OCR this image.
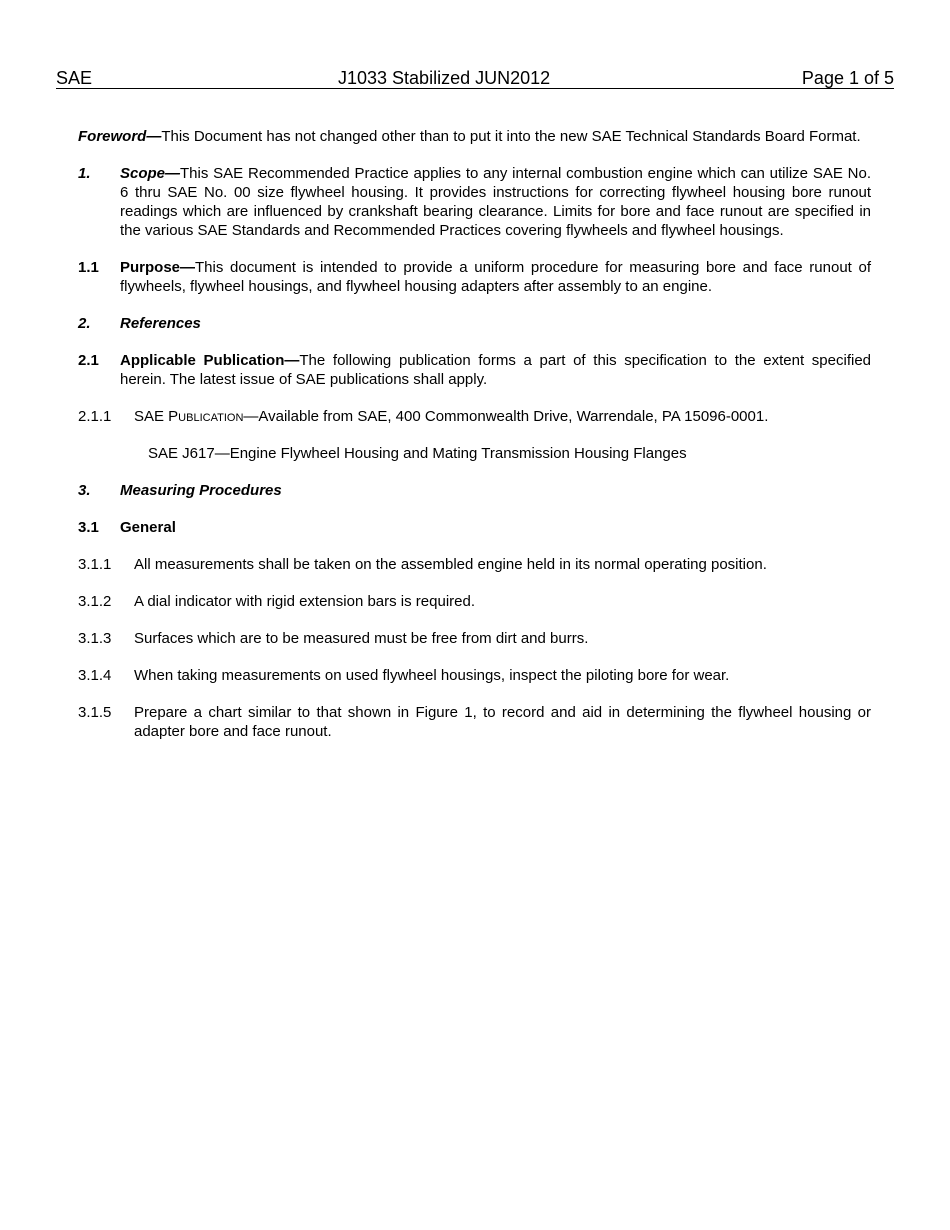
SAE	J1033 Stabilized JUN2012	Page 1 of 5
Foreword—This Document has not changed other than to put it into the new SAE Technical Standards Board Format.
1.	Scope—This SAE Recommended Practice applies to any internal combustion engine which can utilize SAE No. 6 thru SAE No. 00 size flywheel housing. It provides instructions for correcting flywheel housing bore runout readings which are influenced by crankshaft bearing clearance. Limits for bore and face runout are specified in the various SAE Standards and Recommended Practices covering flywheels and flywheel housings.
1.1	Purpose—This document is intended to provide a uniform procedure for measuring bore and face runout of flywheels, flywheel housings, and flywheel housing adapters after assembly to an engine.
2.	References
2.1	Applicable Publication—The following publication forms a part of this specification to the extent specified herein. The latest issue of SAE publications shall apply.
2.1.1	SAE Publication—Available from SAE, 400 Commonwealth Drive, Warrendale, PA 15096-0001.
SAE J617—Engine Flywheel Housing and Mating Transmission Housing Flanges
3.	Measuring Procedures
3.1	General
3.1.1	All measurements shall be taken on the assembled engine held in its normal operating position.
3.1.2	A dial indicator with rigid extension bars is required.
3.1.3	Surfaces which are to be measured must be free from dirt and burrs.
3.1.4	When taking measurements on used flywheel housings, inspect the piloting bore for wear.
3.1.5	Prepare a chart similar to that shown in Figure 1, to record and aid in determining the flywheel housing or adapter bore and face runout.
